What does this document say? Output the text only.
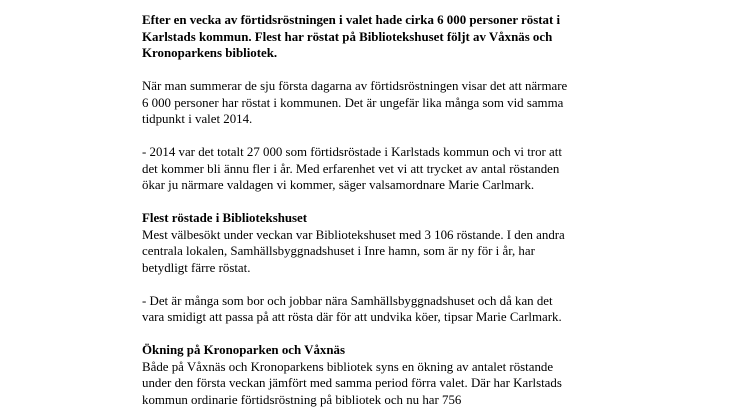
Efter en vecka av förtidsröstningen i valet hade cirka 6 000 personer röstat i
Karlstads kommun. Flest har röstat på Bibliotekshuset följt av Våxnäs och
Kronoparkens bibliotek.

När man summerar de sju första dagarna av förtidsröstningen visar det att närmare
6 000 personer har röstat i kommunen. Det är ungefär lika många som vid samma
tidpunkt i valet 2014.

- 2014 var det totalt 27 000 som förtidsröstade i Karlstads kommun och vi tror att
det kommer bli ännu fler i år. Med erfarenhet vet vi att trycket av antal röstanden
ökar ju närmare valdagen vi kommer, säger valsamordnare Marie Carlmark.

Flest röstade i Bibliotekshuset
Mest välbesökt under veckan var Bibliotekshuset med 3 106 röstande. I den andra
centrala lokalen, Samhällsbyggnadshuset i Inre hamn, som är ny för i år, har
betydligt färre röstat.

- Det är många som bor och jobbar nära Samhällsbyggnadshuset och då kan det
vara smidigt att passa på att rösta där för att undvika köer, tipsar Marie Carlmark.

Ökning på Kronoparken och Våxnäs
Både på Våxnäs och Kronoparkens bibliotek syns en ökning av antalet röstande
under den första veckan jämfört med samma period förra valet. Där har Karlstads
kommun ordinarie förtidsröstning på bibliotek och nu har 756
